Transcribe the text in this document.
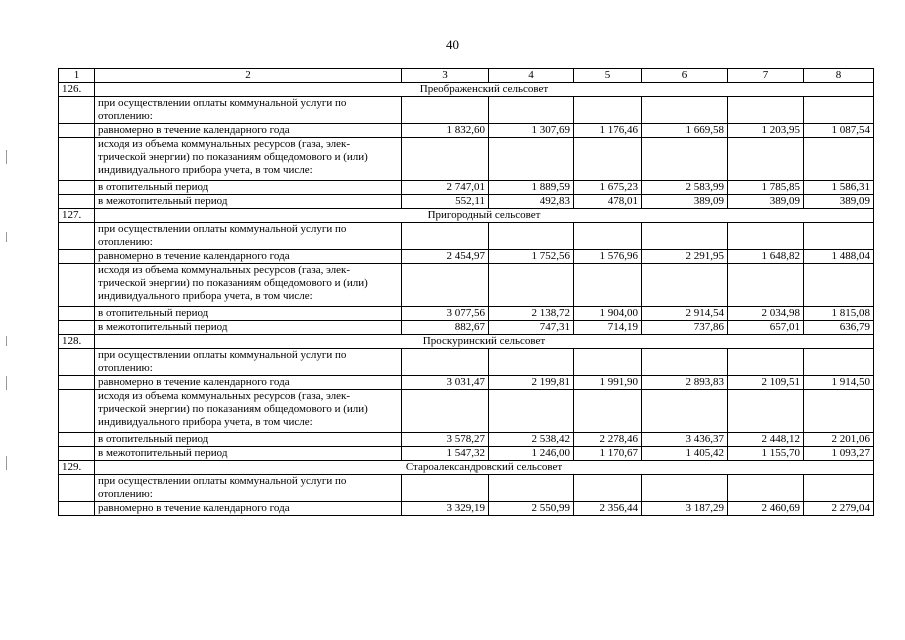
40
1	2	3	4	5	6	7	8
126.	Преображенский сельсовет						
	при осуществлении оплаты коммунальной услуги по отоплению:						
	равномерно в течение календарного года	1 832,60	1 307,69	1 176,46	1 669,58	1 203,95	1 087,54
	исходя из объема коммунальных ресурсов (газа, элек-трической энергии) по показаниям общедомового и (или) индивидуального прибора учета, в том числе:						
	в отопительный период	2 747,01	1 889,59	1 675,23	2 583,99	1 785,85	1 586,31
	в межотопительный период	552,11	492,83	478,01	389,09	389,09	389,09
127.	Пригородный сельсовет						
	при осуществлении оплаты коммунальной услуги по отоплению:						
	равномерно в течение календарного года	2 454,97	1 752,56	1 576,96	2 291,95	1 648,82	1 488,04
	исходя из объема коммунальных ресурсов (газа, элек-трической энергии) по показаниям общедомового и (или) индивидуального прибора учета, в том числе:						
	в отопительный период	3 077,56	2 138,72	1 904,00	2 914,54	2 034,98	1 815,08
	в межотопительный период	882,67	747,31	714,19	737,86	657,01	636,79
128.	Проскуринский сельсовет						
	при осуществлении оплаты коммунальной услуги по отоплению:						
	равномерно в течение календарного года	3 031,47	2 199,81	1 991,90	2 893,83	2 109,51	1 914,50
	исходя из объема коммунальных ресурсов (газа, элек-трической энергии) по показаниям общедомового и (или) индивидуального прибора учета, в том числе:						
	в отопительный период	3 578,27	2 538,42	2 278,46	3 436,37	2 448,12	2 201,06
	в межотопительный период	1 547,32	1 246,00	1 170,67	1 405,42	1 155,70	1 093,27
129.	Староалександровский сельсовет						
	при осуществлении оплаты коммунальной услуги по отоплению:						
	равномерно в течение календарного года	3 329,19	2 550,99	2 356,44	3 187,29	2 460,69	2 279,04
